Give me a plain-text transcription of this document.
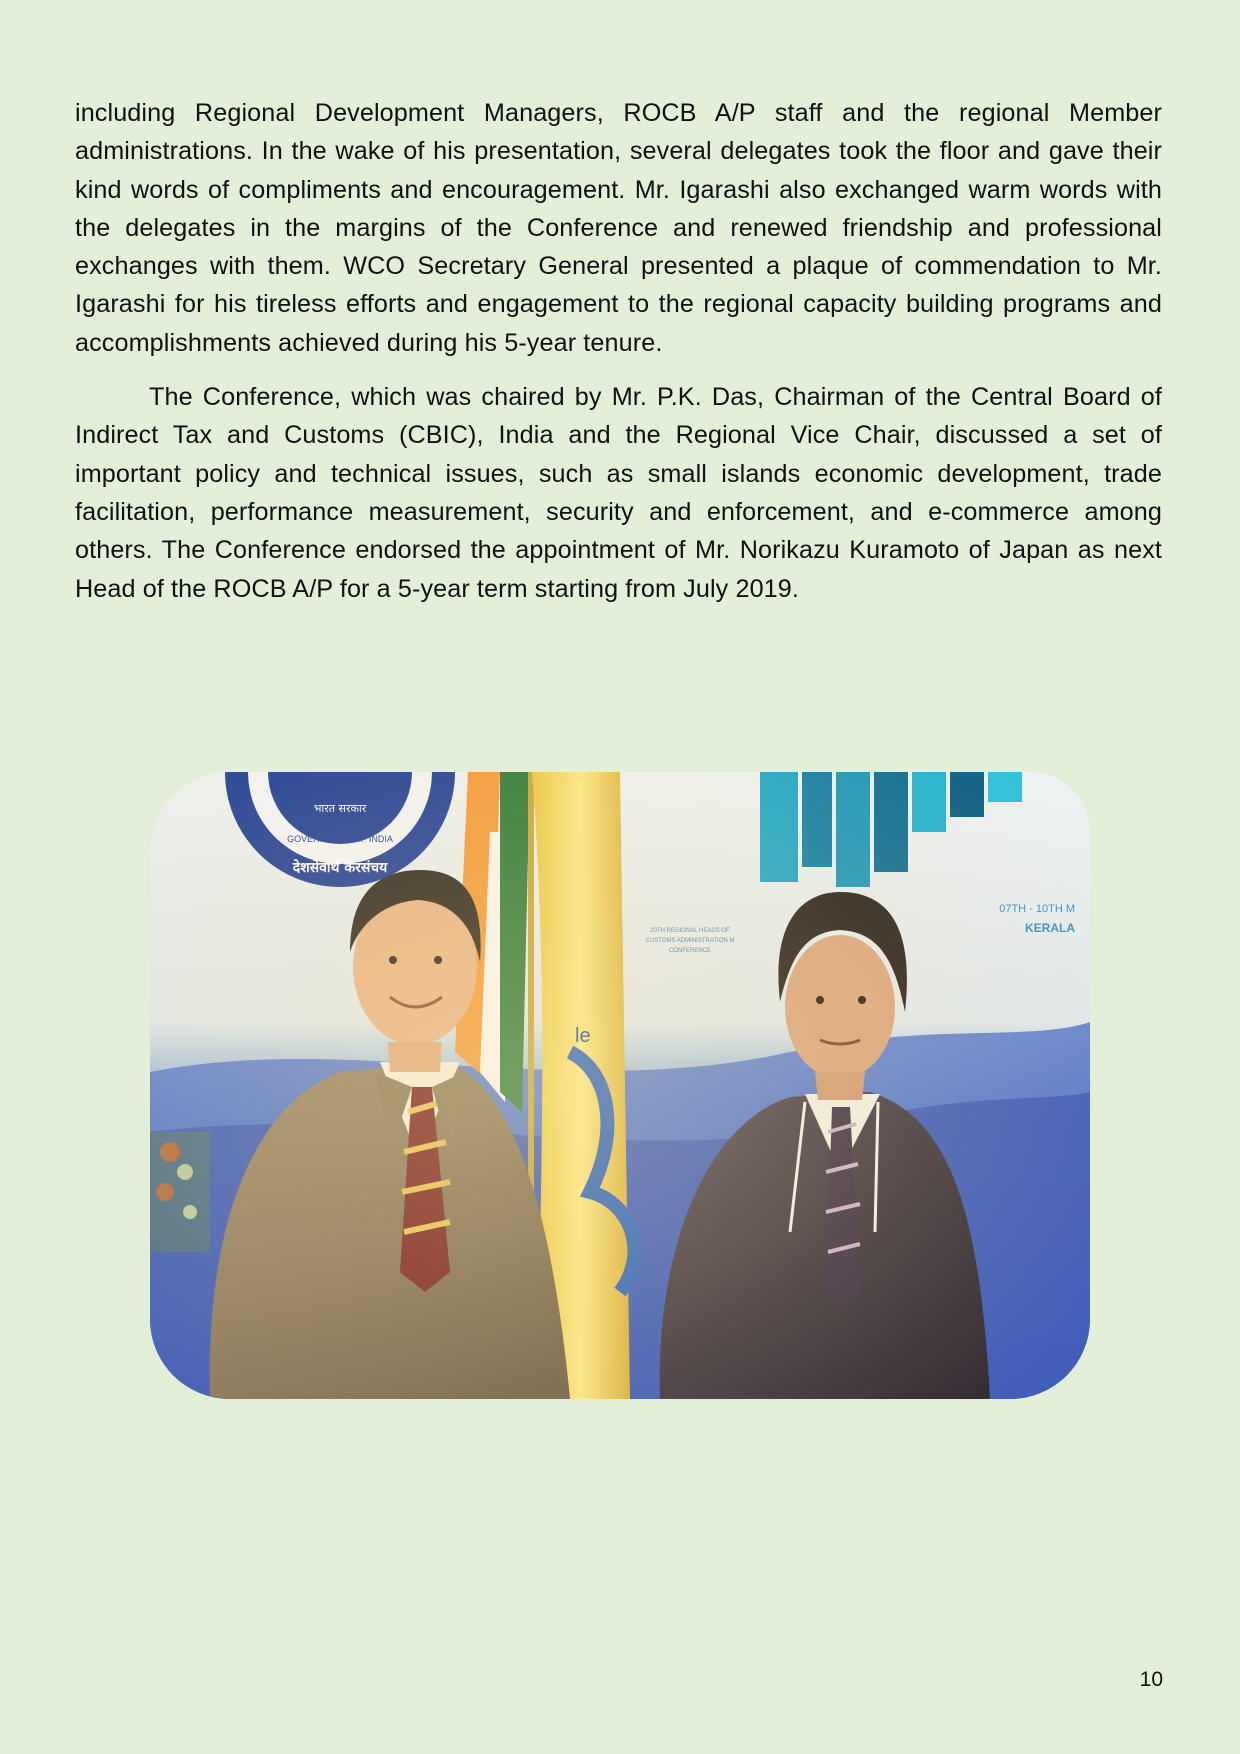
including Regional Development Managers, ROCB A/P staff and the regional Member administrations. In the wake of his presentation, several delegates took the floor and gave their kind words of compliments and encouragement. Mr. Igarashi also exchanged warm words with the delegates in the margins of the Conference and renewed friendship and professional exchanges with them. WCO Secretary General presented a plaque of commendation to Mr. Igarashi for his tireless efforts and engagement to the regional capacity building programs and accomplishments achieved during his 5-year tenure.

The Conference, which was chaired by Mr. P.K. Das, Chairman of the Central Board of Indirect Tax and Customs (CBIC), India and the Regional Vice Chair, discussed a set of important policy and technical issues, such as small islands economic development, trade facilitation, performance measurement, security and enforcement, and e-commerce among others. The Conference endorsed the appointment of Mr. Norikazu Kuramoto of Japan as next Head of the ROCB A/P for a 5-year term starting from July 2019.

10
